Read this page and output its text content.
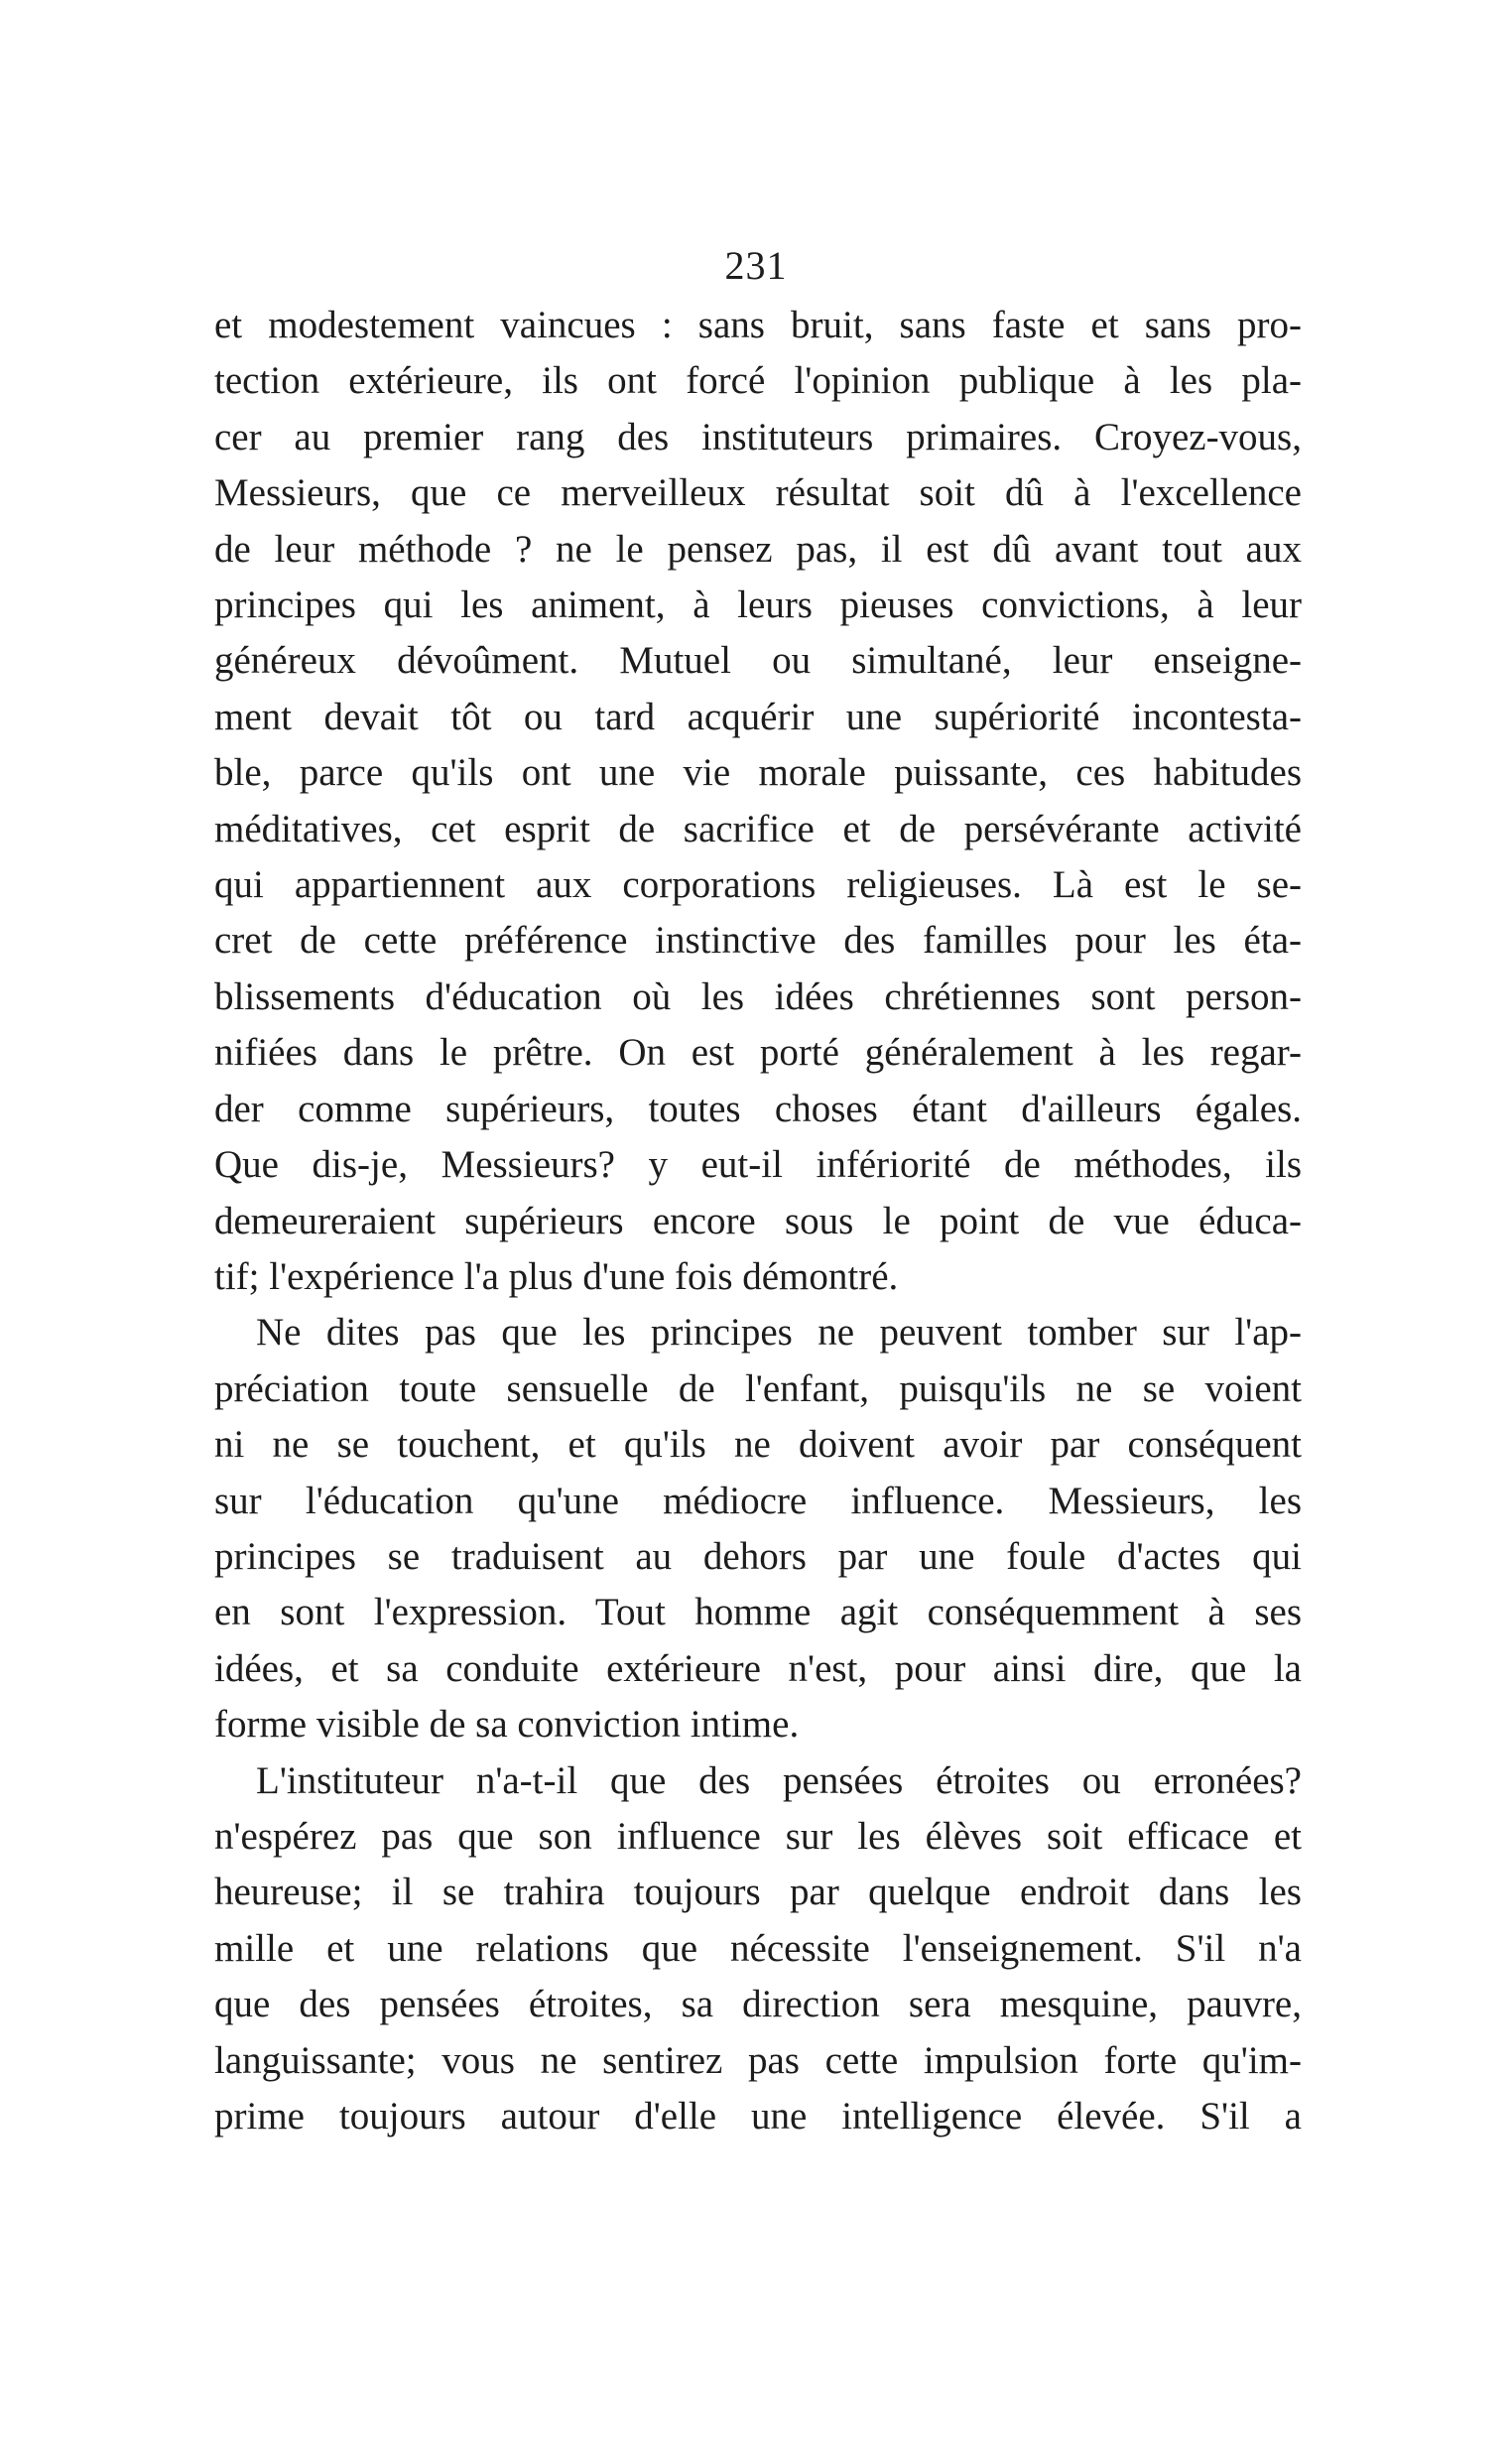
231

et modestement vaincues : sans bruit, sans faste et sans pro-
tection extérieure, ils ont forcé l'opinion publique à les pla-
cer au premier rang des instituteurs primaires. Croyez-vous,
Messieurs, que ce merveilleux résultat soit dû à l'excellence
de leur méthode ? ne le pensez pas, il est dû avant tout aux
principes qui les animent, à leurs pieuses convictions, à leur
généreux dévoûment. Mutuel ou simultané, leur enseigne-
ment devait tôt ou tard acquérir une supériorité incontesta-
ble, parce qu'ils ont une vie morale puissante, ces habitudes
méditatives, cet esprit de sacrifice et de persévérante activité
qui appartiennent aux corporations religieuses. Là est le se-
cret de cette préférence instinctive des familles pour les éta-
blissements d'éducation où les idées chrétiennes sont person-
nifiées dans le prêtre. On est porté généralement à les regar-
der comme supérieurs, toutes choses étant d'ailleurs égales.
Que dis-je, Messieurs? y eut-il infériorité de méthodes, ils
demeureraient supérieurs encore sous le point de vue éduca-
tif; l'expérience l'a plus d'une fois démontré.

Ne dites pas que les principes ne peuvent tomber sur l'ap-
préciation toute sensuelle de l'enfant, puisqu'ils ne se voient
ni ne se touchent, et qu'ils ne doivent avoir par conséquent
sur l'éducation qu'une médiocre influence. Messieurs, les
principes se traduisent au dehors par une foule d'actes qui
en sont l'expression. Tout homme agit conséquemment à ses
idées, et sa conduite extérieure n'est, pour ainsi dire, que la
forme visible de sa conviction intime.

L'instituteur n'a-t-il que des pensées étroites ou erronées?
n'espérez pas que son influence sur les élèves soit efficace et
heureuse; il se trahira toujours par quelque endroit dans les
mille et une relations que nécessite l'enseignement. S'il n'a
que des pensées étroites, sa direction sera mesquine, pauvre,
languissante; vous ne sentirez pas cette impulsion forte qu'im-
prime toujours autour d'elle une intelligence élevée. S'il a
